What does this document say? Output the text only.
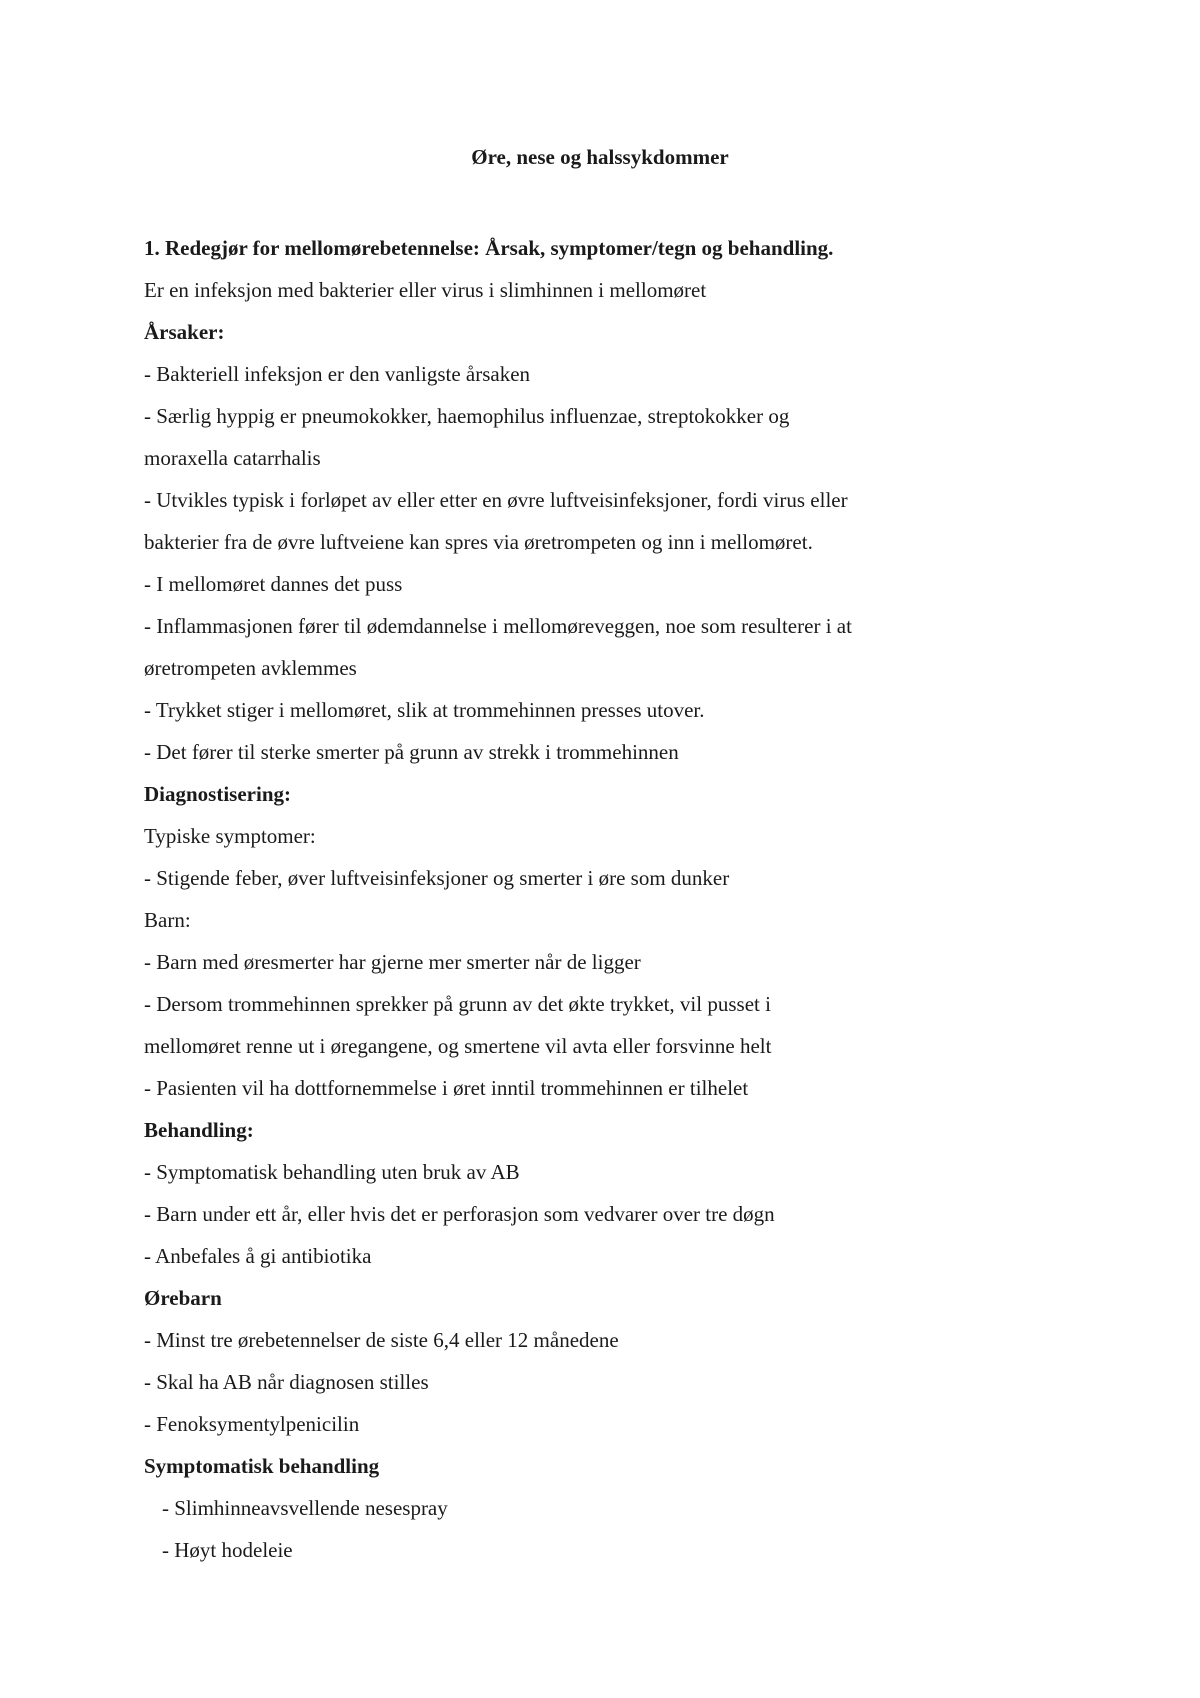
Øre, nese og halssykdommer

1. Redegjør for mellomørebetennelse: Årsak, symptomer/tegn og behandling.

Er en infeksjon med bakterier eller virus i slimhinnen i mellomøret

Årsaker:

- Bakteriell infeksjon er den vanligste årsaken

- Særlig hyppig er pneumokokker, haemophilus influenzae, streptokokker og

moraxella catarrhalis

- Utvikles typisk i forløpet av eller etter en øvre luftveisinfeksjoner, fordi virus eller

bakterier fra de øvre luftveiene kan spres via øretrompeten og inn i mellomøret.

- I mellomøret dannes det puss

- Inflammasjonen fører til ødemdannelse i mellomøreveggen, noe som resulterer i at

øretrompeten avklemmes

- Trykket stiger i mellomøret, slik at trommehinnen presses utover.

- Det fører til sterke smerter på grunn av strekk i trommehinnen

Diagnostisering:

Typiske symptomer:

- Stigende feber, øver luftveisinfeksjoner og smerter i øre som dunker

Barn:

- Barn med øresmerter har gjerne mer smerter når de ligger

- Dersom trommehinnen sprekker på grunn av det økte trykket, vil pusset i

mellomøret renne ut i øregangene, og smertene vil avta eller forsvinne helt

- Pasienten vil ha dottfornemmelse i øret inntil trommehinnen er tilhelet

Behandling:

- Symptomatisk behandling uten bruk av AB

- Barn under ett år, eller hvis det er perforasjon som vedvarer over tre døgn

- Anbefales å gi antibiotika

Ørebarn

- Minst tre ørebetennelser de siste 6,4 eller 12 månedene

- Skal ha AB når diagnosen stilles

- Fenoksymentylpenicilin

Symptomatisk behandling

- Slimhinneavsvellende nesespray

- Høyt hodeleie
